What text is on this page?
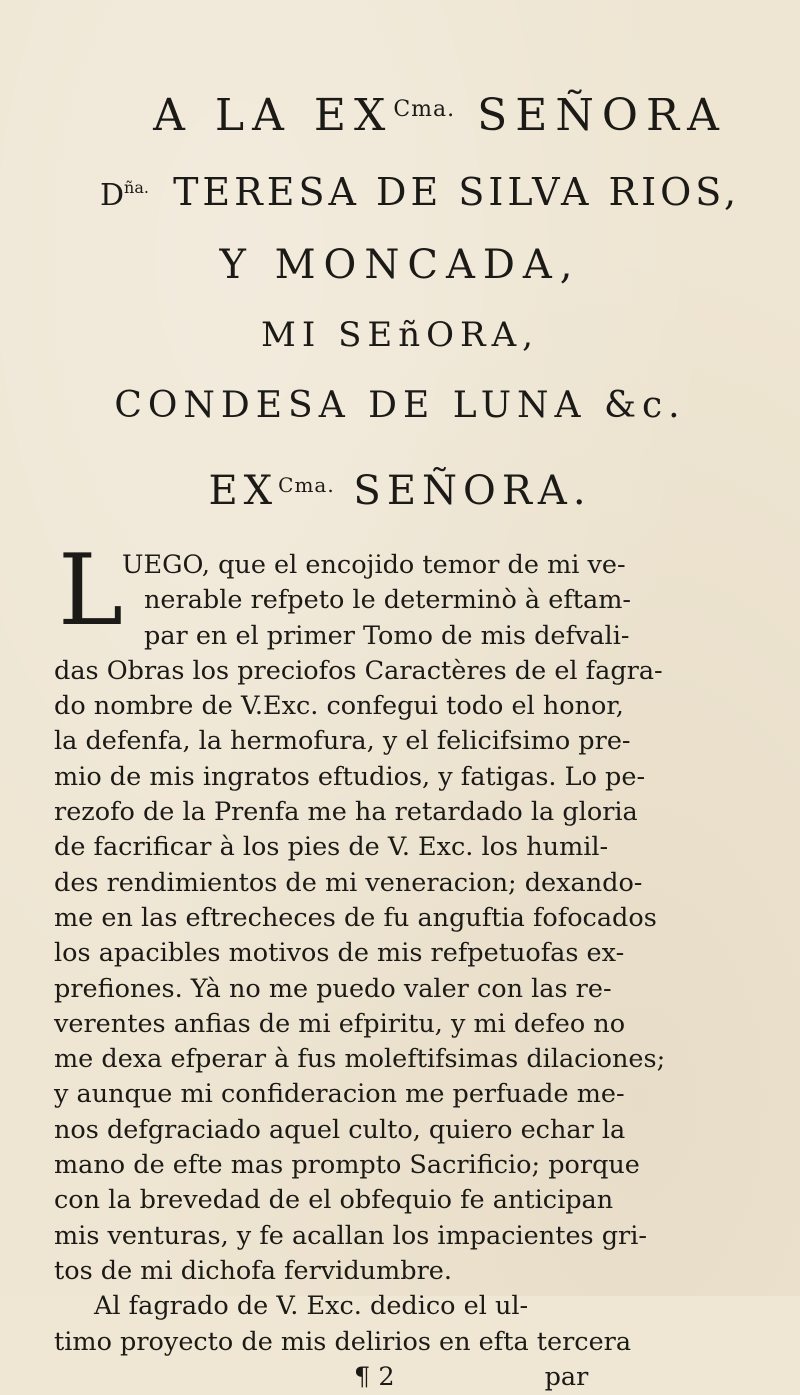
A LA $EX^{Cma.}$ SEÑORA
$D^{ña.}$ TERESA DE SILVA RIOS,
Y MONCADA,
MI SEñORA,
CONDESA DE LUNA &c.
$EX^{Cma.}$ SEÑORA.
L
UEGO, que el encojido temor de mi ve-
nerable refpeto le determinò à eftam-
par en el primer Tomo de mis defvali-
das Obras los preciofos Caractères de el fagra-
do nombre de V.Exc. confegui todo el honor,
la defenfa, la hermofura, y el felicifsimo pre-
mio de mis ingratos eftudios, y fatigas. Lo pe-
rezofo de la Prenfa me ha retardado la gloria
de facrificar à los pies de V. Exc. los humil-
des rendimientos de mi veneracion; dexando-
me en las eftrecheces de fu anguftia fofocados
los apacibles motivos de mis refpetuofas ex-
prefiones. Yà no me puedo valer con las re-
verentes anfias de mi efpiritu, y mi defeo no
me dexa efperar à fus moleftifsimas dilaciones;
y aunque mi confideracion me perfuade me-
nos defgraciado aquel culto, quiero echar la
mano de efte mas prompto Sacrificio; porque
con la brevedad de el obfequio fe anticipan
mis venturas, y fe acallan los impacientes gri-
tos de mi dichofa fervidumbre.
Al fagrado de V. Exc. dedico el ul-
timo proyecto de mis delirios en efta tercera
¶ 2	par
